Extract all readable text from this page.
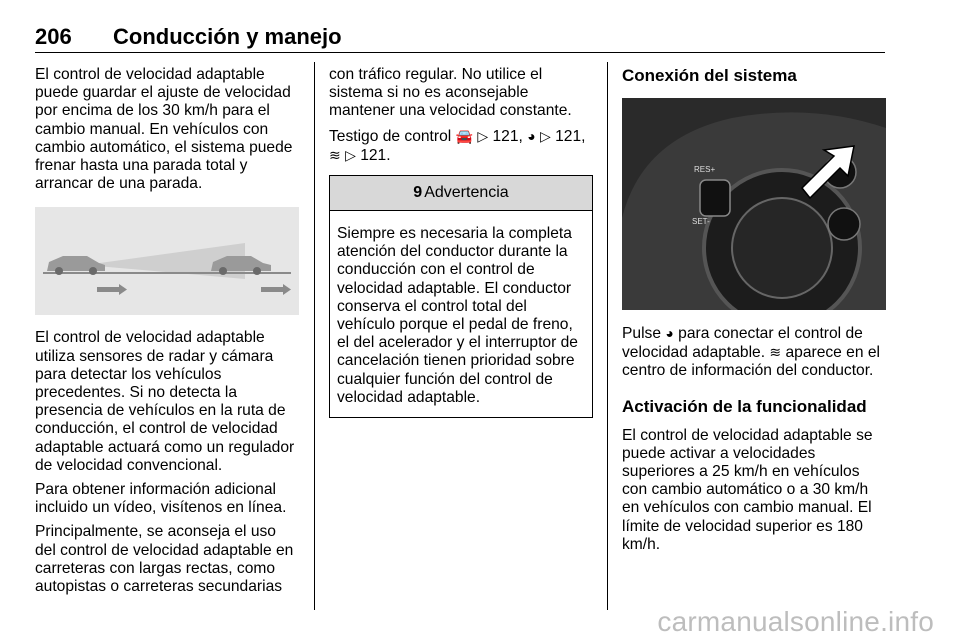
206 Conducción y manejo

El control de velocidad adaptable puede guardar el ajuste de velocidad por encima de los 30 km/h para el cambio manual. En vehículos con cambio automático, el sistema puede frenar hasta una parada total y arrancar de una parada.

El control de velocidad adaptable utiliza sensores de radar y cámara para detectar los vehículos precedentes. Si no detecta la presencia de vehículos en la ruta de conducción, el control de velocidad adaptable actuará como un regulador de velocidad convencional.

Para obtener información adicional incluido un vídeo, visítenos en línea.

Principalmente, se aconseja el uso del control de velocidad adaptable en carreteras con largas rectas, como autopistas o carreteras secundarias

con tráfico regular. No utilice el sistema si no es aconsejable mantener una velocidad constante.

Testigo de control 🚘 ▷ 121, ◕ ▷ 121, ≋ ▷ 121.

9 Advertencia
Siempre es necesaria la completa atención del conductor durante la conducción con el control de velocidad adaptable. El conductor conserva el control total del vehículo porque el pedal de freno, el del acelerador y el interruptor de cancelación tienen prioridad sobre cualquier función del control de velocidad adaptable.
Conexión del sistema
RES+
SET-

Pulse ◕ para conectar el control de velocidad adaptable. ≋ aparece en el centro de información del conductor.

Activación de la funcionalidad

El control de velocidad adaptable se puede activar a velocidades superiores a 25 km/h en vehículos con cambio automático o a 30 km/h en vehículos con cambio manual. El límite de velocidad superior es 180 km/h.

carmanualsonline.info
